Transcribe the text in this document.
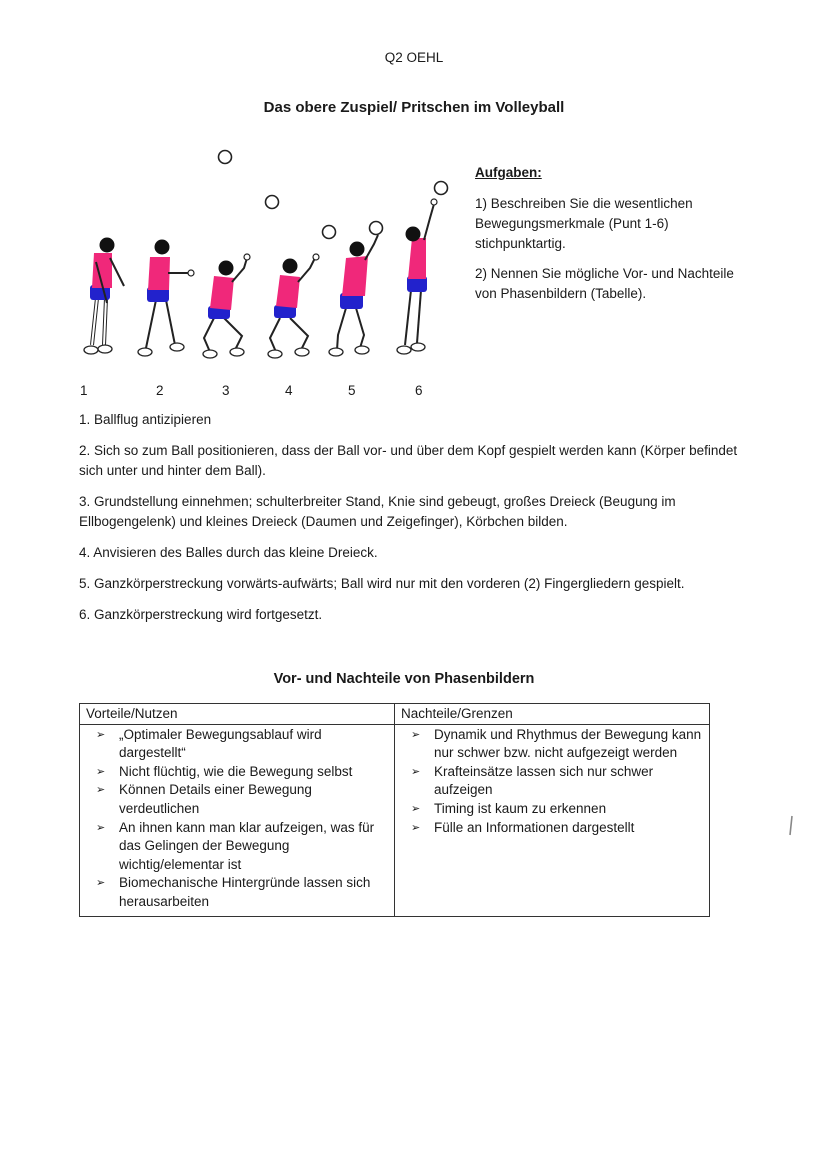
Q2 OEHL
Das obere Zuspiel/ Pritschen im Volleyball
1	2	3	4	5	6
Aufgaben:
1) Beschreiben Sie die wesentlichen Bewegungsmerkmale (Punt 1-6) stichpunktartig.
2) Nennen Sie mögliche Vor- und Nachteile von Phasenbildern (Tabelle).

1. Ballflug antizipieren

2. Sich so zum Ball positionieren, dass der Ball vor- und über dem Kopf gespielt werden kann (Körper befindet sich unter und hinter dem Ball).

3. Grundstellung einnehmen; schulterbreiter Stand, Knie sind gebeugt, großes Dreieck (Beugung im Ellbogengelenk) und kleines Dreieck (Daumen und Zeigefinger), Körbchen bilden.

4. Anvisieren des Balles durch das kleine Dreieck.

5. Ganzkörperstreckung vorwärts-aufwärts; Ball wird nur mit den vorderen (2) Fingergliedern gespielt.

6. Ganzkörperstreckung wird fortgesetzt.

Vor- und Nachteile von Phasenbildern
Vorteile/Nutzen	Nachteile/Grenzen

➢ „Optimaler Bewegungsablauf wird dargestellt“
➢ Nicht flüchtig, wie die Bewegung selbst
➢ Können Details einer Bewegung verdeutlichen
➢ An ihnen kann man klar aufzeigen, was für das Gelingen der Bewegung wichtig/elementar ist
➢ Biomechanische Hintergründe lassen sich herausarbeiten

➢ Dynamik und Rhythmus der Bewegung kann nur schwer bzw. nicht aufgezeigt werden
➢ Krafteinsätze lassen sich nur schwer aufzeigen
➢ Timing ist kaum zu erkennen
➢ Fülle an Informationen dargestellt
